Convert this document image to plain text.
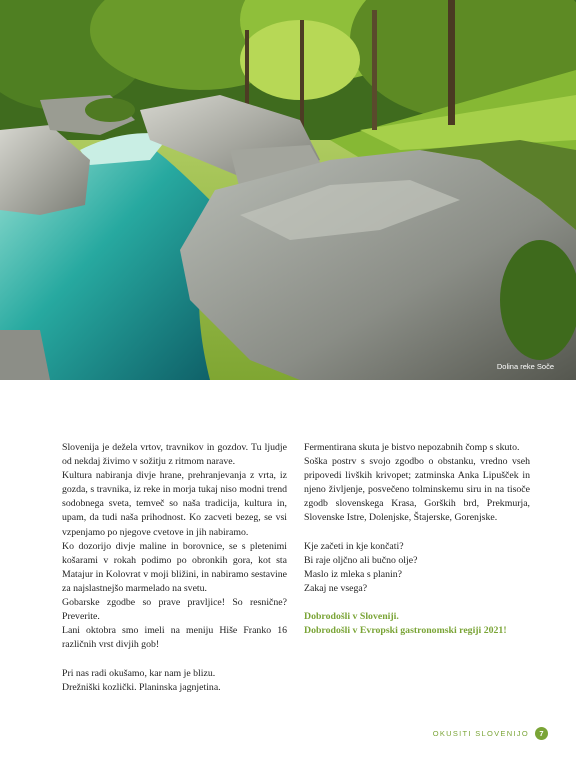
Dolina reke Soče

Slovenija je dežela vrtov, travnikov in gozdov. Tu ljudje od nekdaj živimo v sožitju z ritmom narave.

Kultura nabiranja divje hrane, prehranjevanja z vrta, iz gozda, s travnika, iz reke in morja tukaj niso modni trend sodobnega sveta, temveč so naša tradicija, kultura in, upam, da tudi naša prihodnost. Ko zacveti bezeg, se vsi vzpenjamo po njegove cvetove in jih nabiramo.

Ko dozorijo divje maline in borovnice, se s pletenimi košarami v rokah podimo po obronkih gora, kot sta Matajur in Kolovrat v moji bližini, in nabiramo sestavine za najslastnejšo marmelado na svetu.

Gobarske zgodbe so prave pravljice! So resnične? Preverite.

Lani oktobra smo imeli na meniju Hiše Franko 16 različnih vrst divjih gob!

Pri nas radi okušamo, kar nam je blizu.

Drežniški kozlički. Planinska jagnjetina.

Fermentirana skuta je bistvo nepozabnih čomp s skuto.

Soška postrv s svojo zgodbo o obstanku, vredno vseh pripovedi livških krivopet; zatminska Anka Lipušček in njeno življenje, posvečeno tolminskemu siru in na tisoče zgodb slovenskega Krasa, Gorških brd, Prekmurja, Slovenske Istre, Dolenjske, Štajerske, Gorenjske.

Kje začeti in kje končati?

Bi raje oljčno ali bučno olje?

Maslo iz mleka s planin?

Zakaj ne vsega?

Dobrodošli v Sloveniji.

Dobrodošli v Evropski gastronomski regiji 2021!

OKUSITI SLOVENIJO	7
